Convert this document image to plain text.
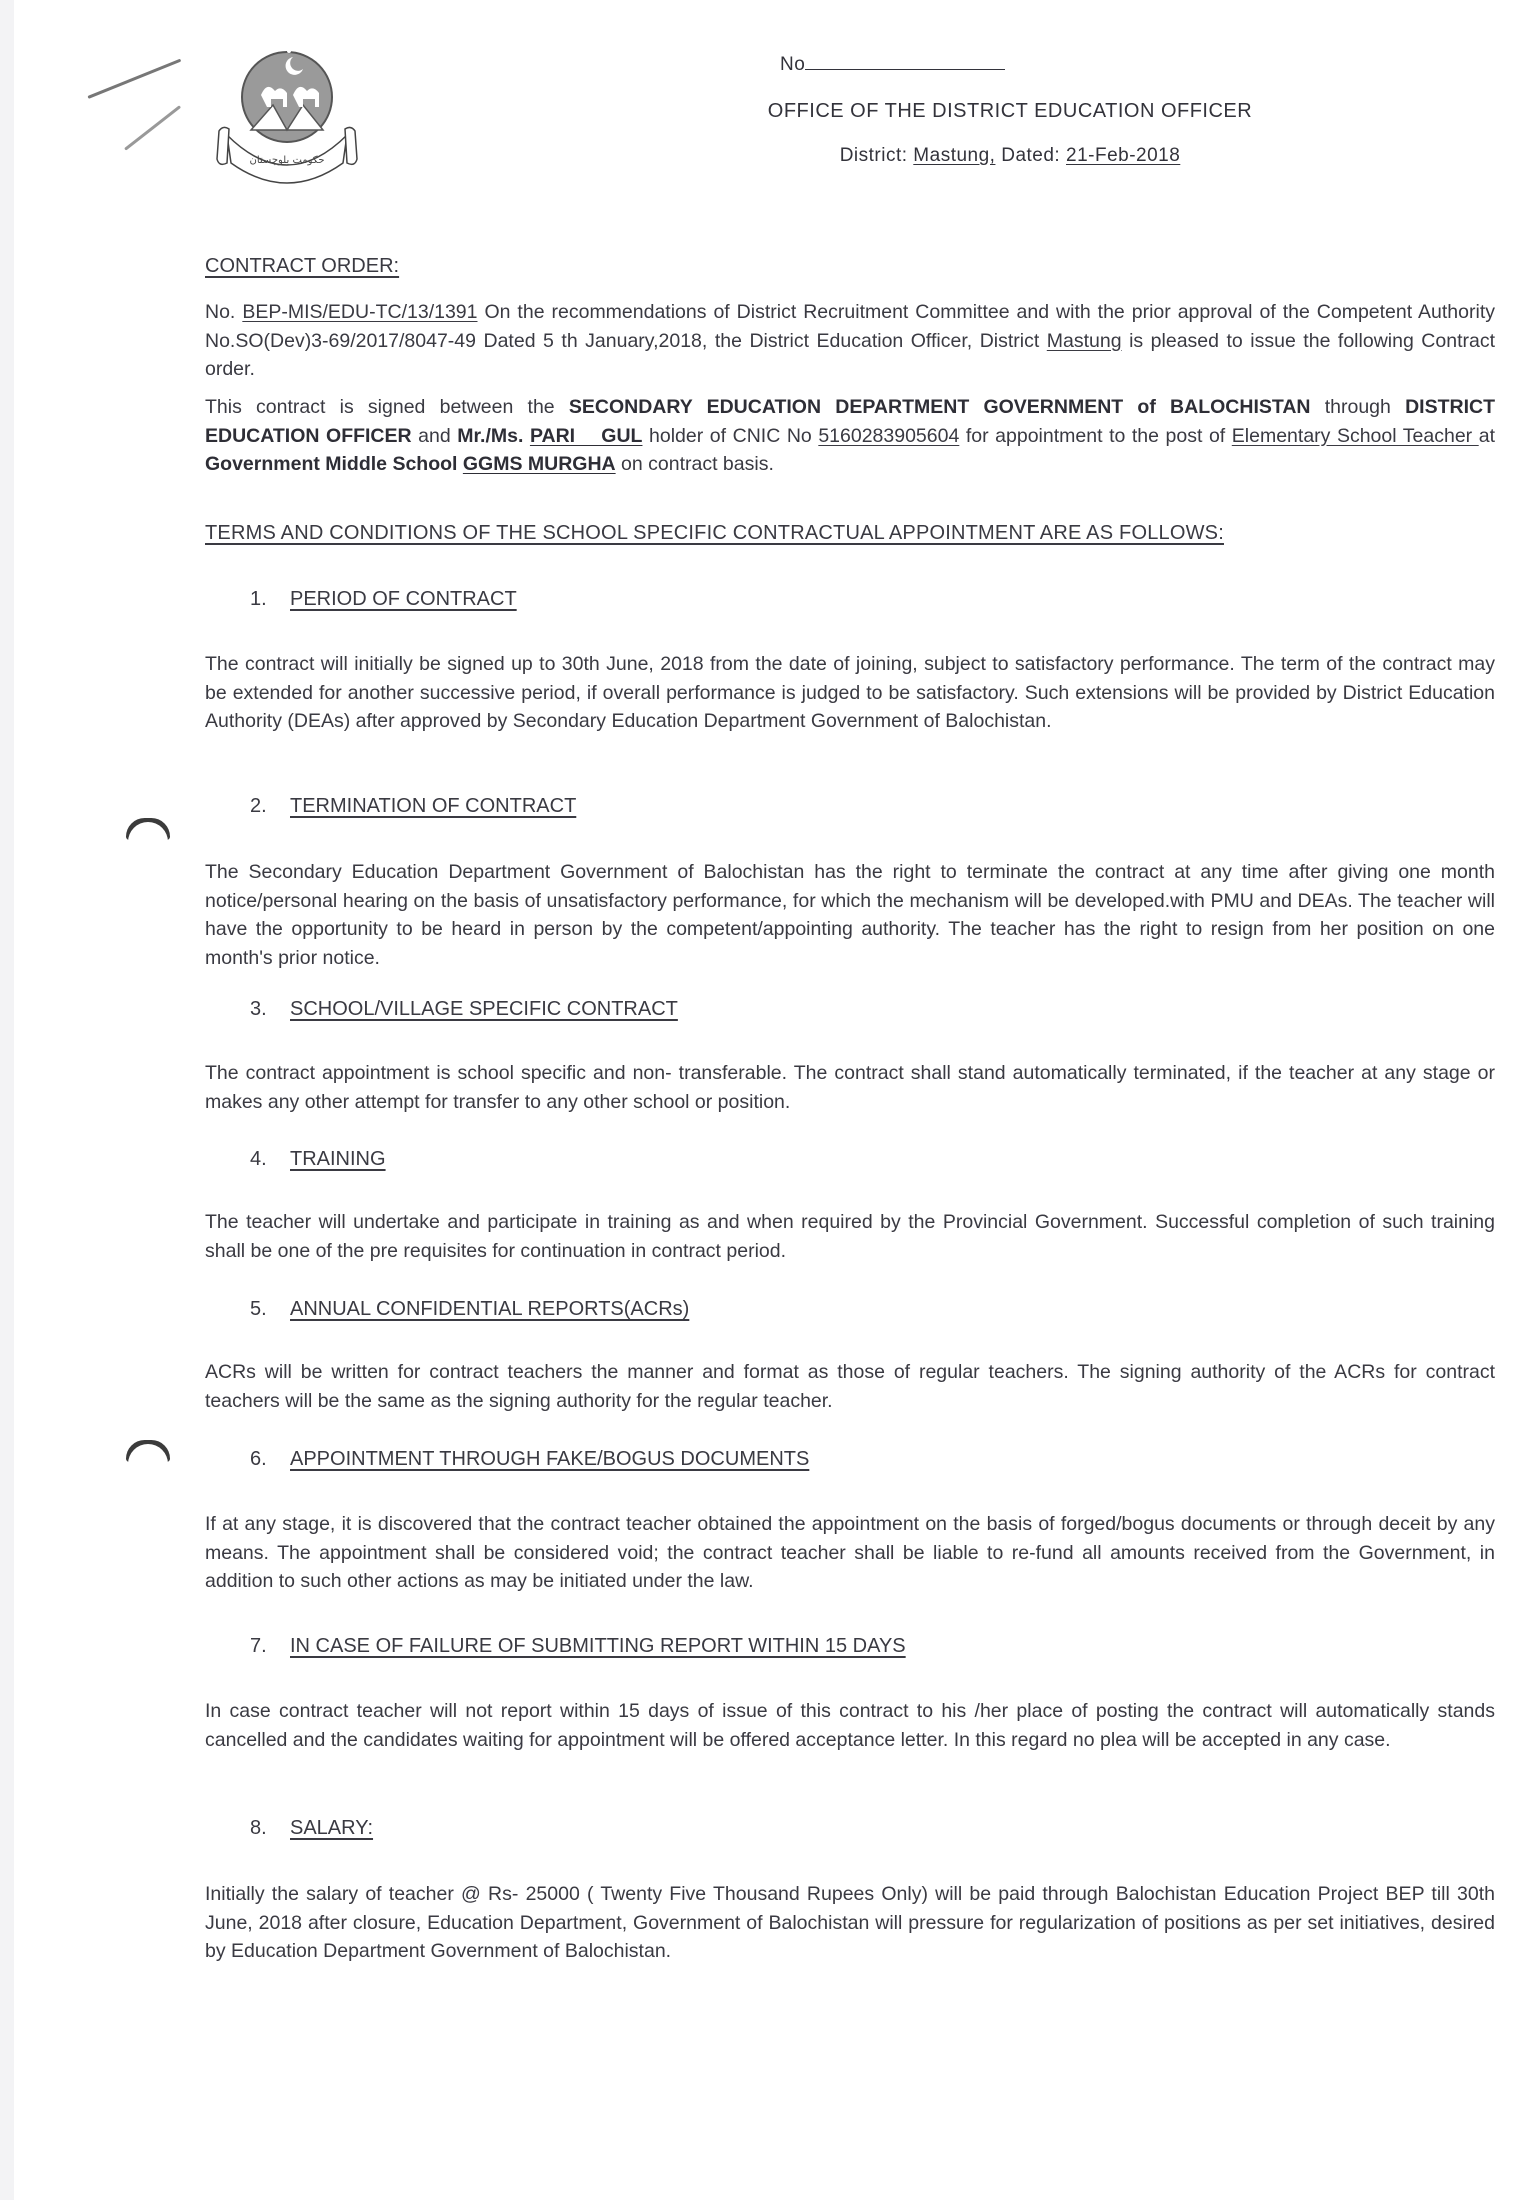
حکومت بلوچستان
No
OFFICE OF THE DISTRICT EDUCATION OFFICER
District: Mastung, Dated: 21-Feb-2018
CONTRACT ORDER:
No. BEP-MIS/EDU-TC/13/1391 On the recommendations of District Recruitment Committee and with the prior approval of the Competent Authority No.SO(Dev)3-69/2017/8047-49 Dated 5 th January,2018, the District Education Officer, District Mastung is pleased to issue the following Contract order.
This contract is signed between the SECONDARY EDUCATION DEPARTMENT GOVERNMENT of BALOCHISTAN through DISTRICT EDUCATION OFFICER and Mr./Ms. PARI    GUL holder of CNIC No 5160283905604 for appointment to the post of Elementary School Teacher at Government Middle School GGMS MURGHA on contract basis.
TERMS AND CONDITIONS OF THE SCHOOL SPECIFIC CONTRACTUAL APPOINTMENT ARE AS FOLLOWS:
1. PERIOD OF CONTRACT
The contract will initially be signed up to 30th June, 2018 from the date of joining, subject to satisfactory performance. The term of the contract may be extended for another successive period, if overall performance is judged to be satisfactory. Such extensions will be provided by District Education Authority (DEAs) after approved by Secondary Education Department Government of Balochistan.
2. TERMINATION OF CONTRACT
The Secondary Education Department Government of Balochistan has the right to terminate the contract at any time after giving one month notice/personal hearing on the basis of unsatisfactory performance, for which the mechanism will be developed.with PMU and DEAs. The teacher will have the opportunity to be heard in person by the competent/appointing authority. The teacher has the right to resign from her position on one month's prior notice.
3. SCHOOL/VILLAGE SPECIFIC CONTRACT
The contract appointment is school specific and non- transferable. The contract shall stand automatically terminated, if the teacher at any stage or makes any other attempt for transfer to any other school or position.
4. TRAINING
The teacher will undertake and participate in training as and when required by the Provincial Government. Successful completion of such training shall be one of the pre requisites for continuation in contract period.
5. ANNUAL CONFIDENTIAL REPORTS(ACRs)
ACRs will be written for contract teachers the manner and format as those of regular teachers. The signing authority of the ACRs for contract teachers will be the same as the signing authority for the regular teacher.
6. APPOINTMENT THROUGH FAKE/BOGUS DOCUMENTS
If at any stage, it is discovered that the contract teacher obtained the appointment on the basis of forged/bogus documents or through deceit by any means. The appointment shall be considered void; the contract teacher shall be liable to re-fund all amounts received from the Government, in addition to such other actions as may be initiated under the law.
7. IN CASE OF FAILURE OF SUBMITTING REPORT WITHIN 15 DAYS
In case contract teacher will not report within 15 days of issue of this contract to his /her place of posting the contract will automatically stands cancelled and the candidates waiting for appointment will be offered acceptance letter. In this regard no plea will be accepted in any case.
8. SALARY:
Initially the salary of teacher @ Rs- 25000 ( Twenty Five Thousand Rupees Only) will be paid through Balochistan Education Project BEP till 30th June, 2018 after closure, Education Department, Government of Balochistan will pressure for regularization of positions as per set initiatives, desired by Education Department Government of Balochistan.
